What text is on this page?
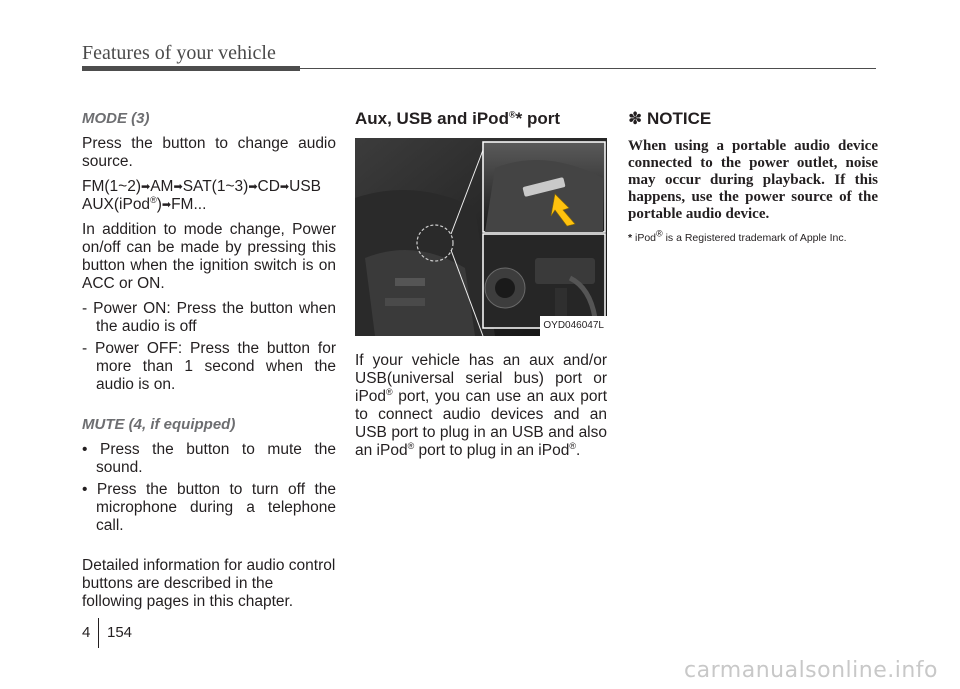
Features of your vehicle
MODE (3)

Press the button to change audio source.

FM(1~2)➡AM➡SAT(1~3)➡CD➡USB
AUX(iPod®)➡FM...

In addition to mode change, Power on/off can be made by pressing this button when the ignition switch is on ACC or ON.

- Power ON: Press the button when the audio is off
- Power OFF: Press the button for more than 1 second when the audio is on.
MUTE (4, if equipped)
• Press the button to mute the sound.
• Press the button to turn off the microphone during a telephone call.

Detailed information for audio control buttons are described in the following pages in this chapter.

Aux, USB and iPod®* port
OYD046047L

If your vehicle has an aux and/or USB(universal serial bus) port or iPod® port, you can use an aux port to connect audio devices and an USB port to plug in an USB and also an iPod® port to plug in an iPod®.

✽ NOTICE

When using a portable audio device connected to the power outlet, noise may occur during playback. If this happens, use the power source of the portable audio device.

* iPod® is a Registered trademark of Apple Inc.

4 154
carmanualsonline.info
